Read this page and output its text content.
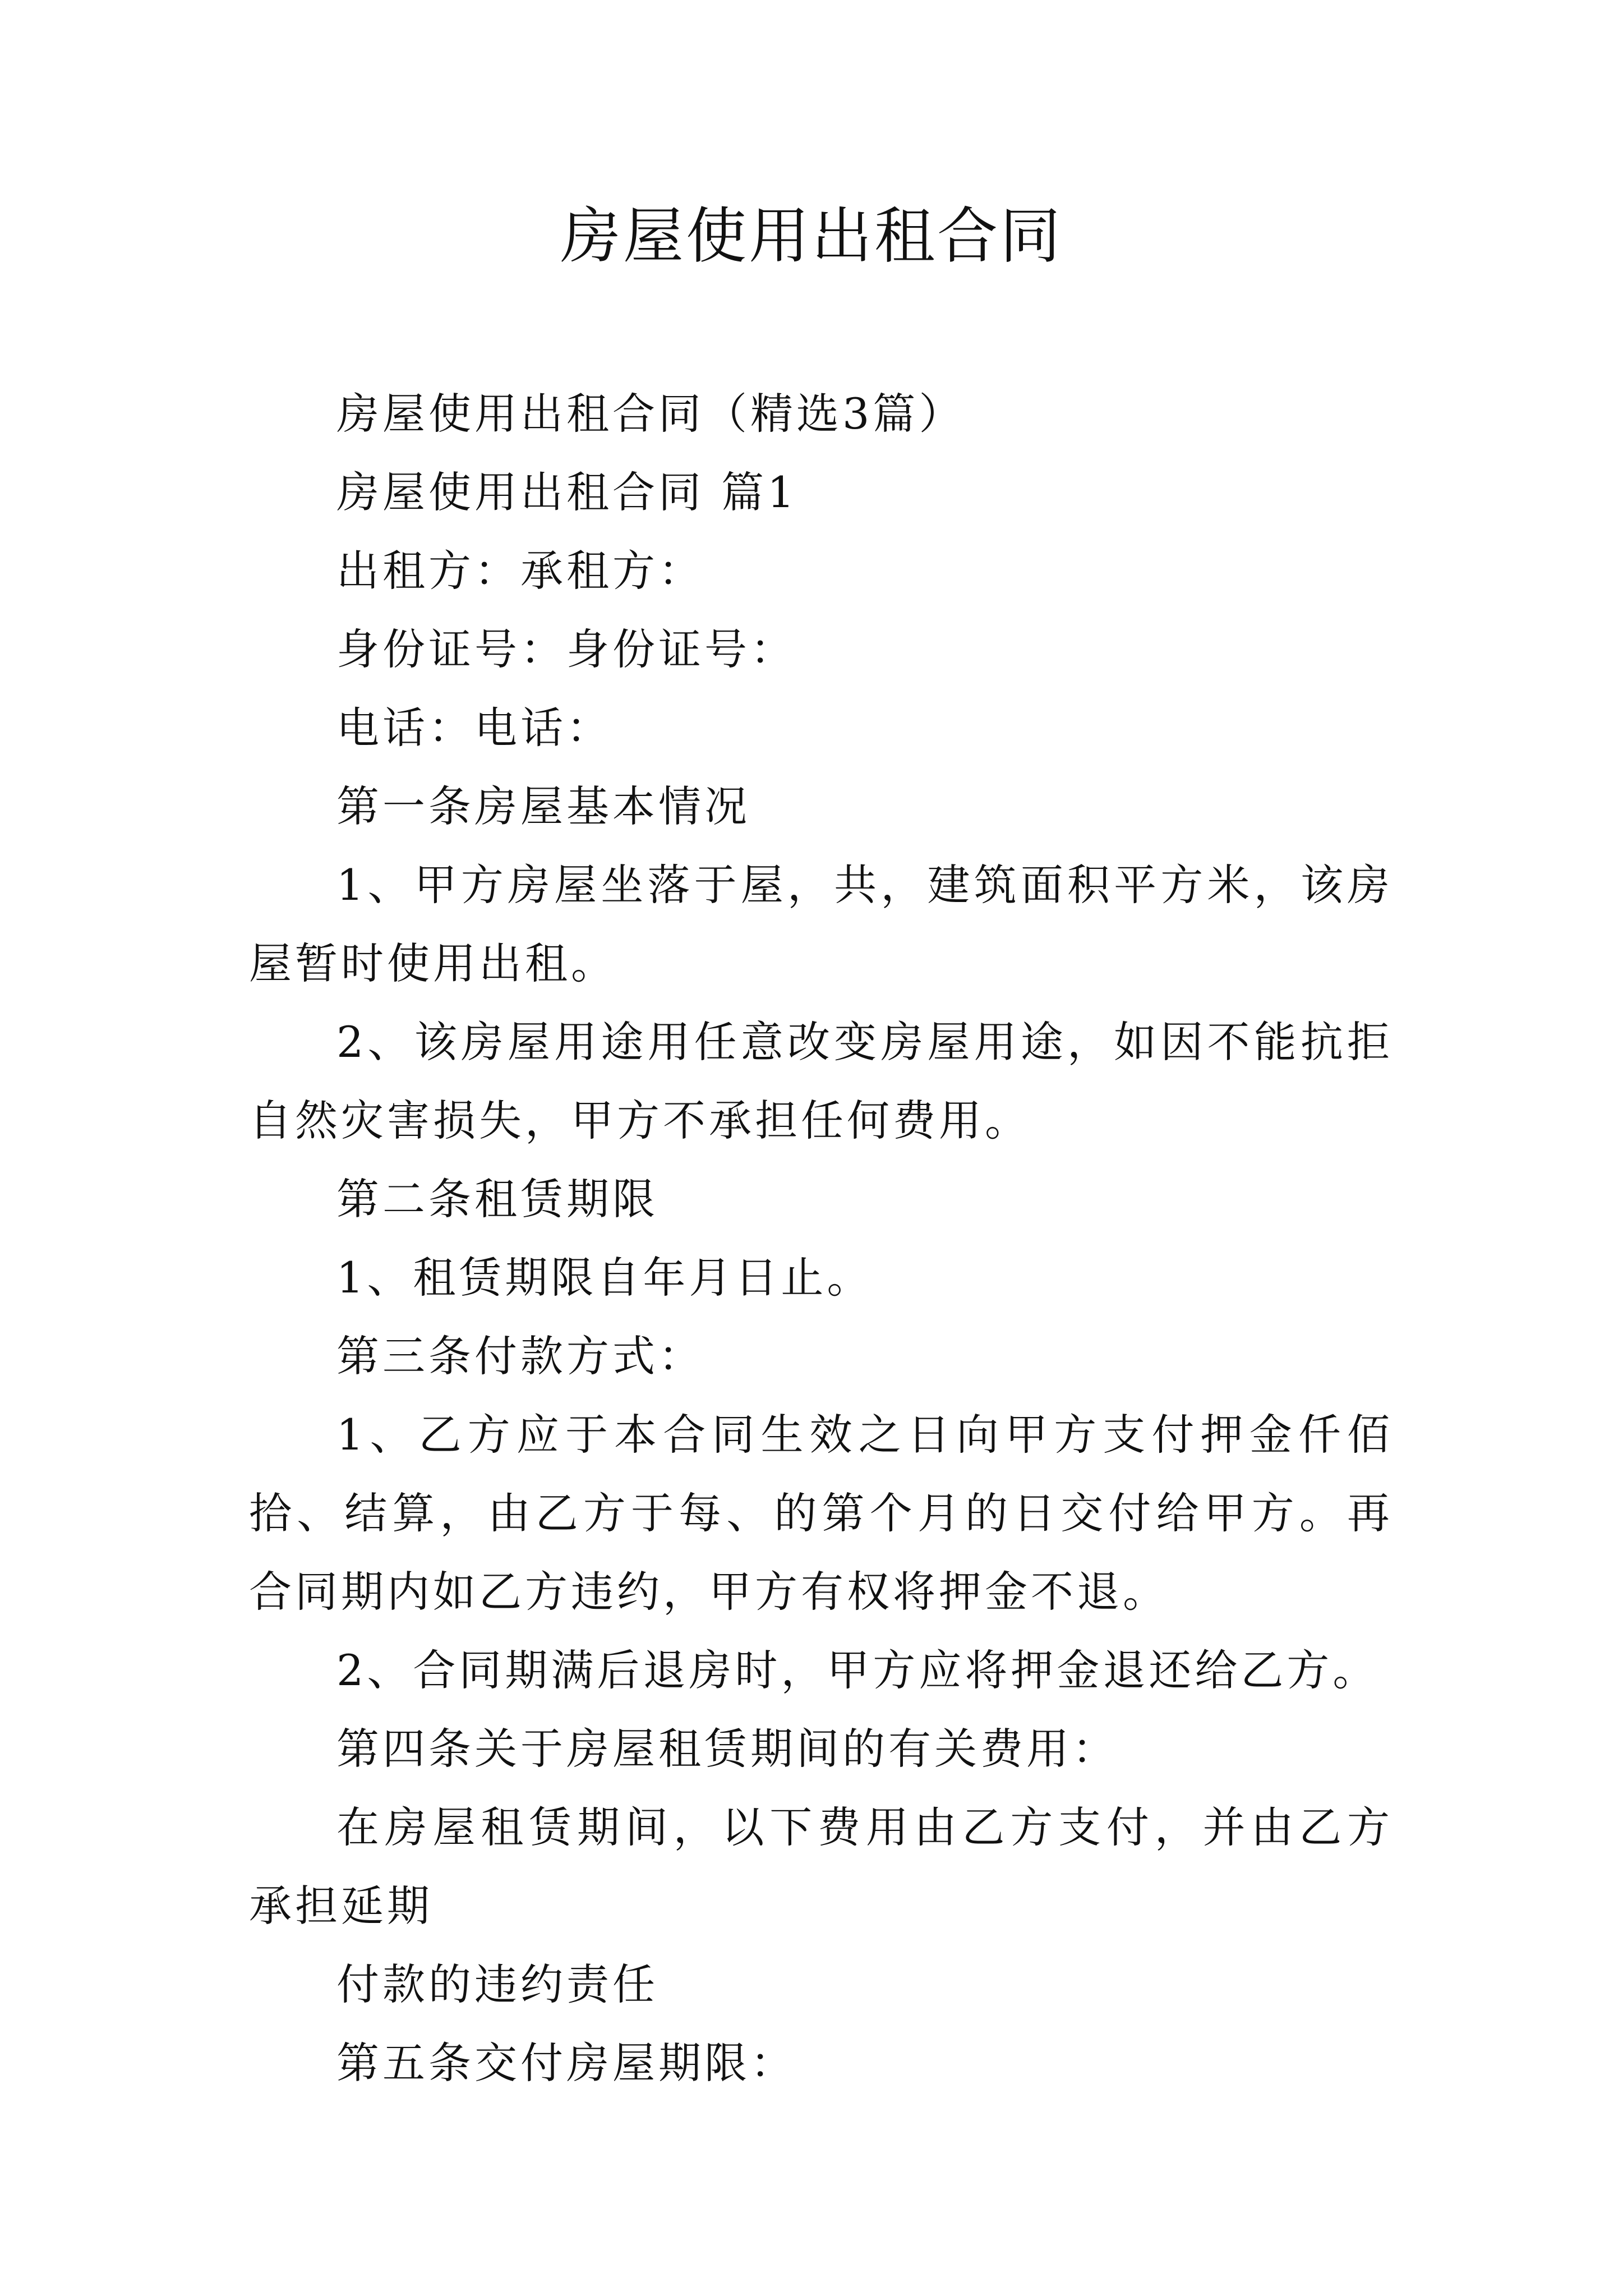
房屋使用出租合同

房屋使用出租合同（精选3篇）

房屋使用出租合同 篇1

出租方：承租方：

身份证号：身份证号：

电话：电话：

第一条房屋基本情况

1、甲方房屋坐落于屋，共，建筑面积平方米，该房屋暂时使用出租。

2、该房屋用途用任意改变房屋用途，如因不能抗拒自然灾害损失，甲方不承担任何费用。

第二条租赁期限

1、租赁期限自年月日止。

第三条付款方式：

1、乙方应于本合同生效之日向甲方支付押金仟佰拾、结算，由乙方于每、的第个月的日交付给甲方。再合同期内如乙方违约，甲方有权将押金不退。

2、合同期满后退房时，甲方应将押金退还给乙方。

第四条关于房屋租赁期间的有关费用：

在房屋租赁期间，以下费用由乙方支付，并由乙方承担延期

付款的违约责任

第五条交付房屋期限：
